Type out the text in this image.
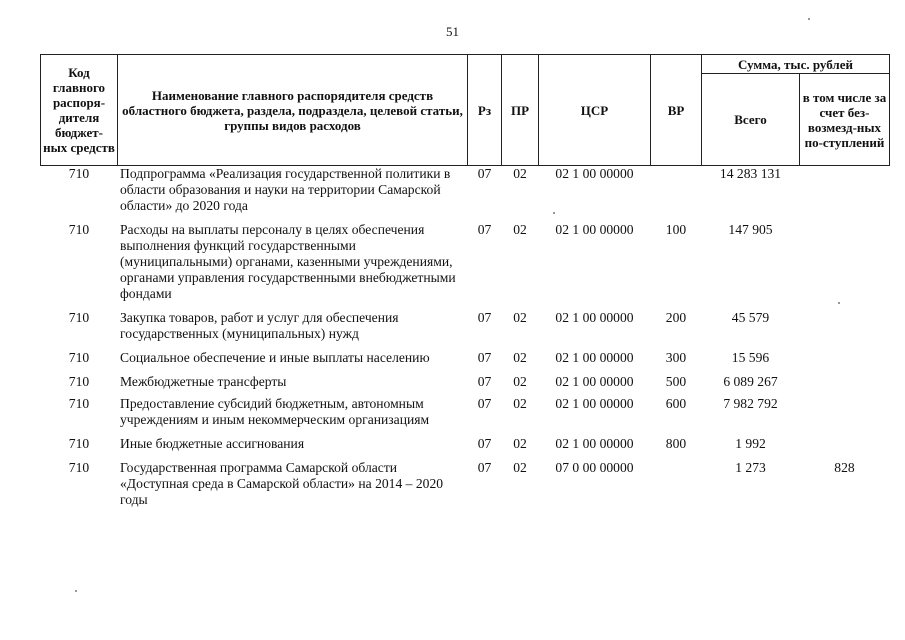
51
Код главного распоря-дителя бюджет-ных средств	Наименование главного распорядителя средств областного бюджета, раздела, подраздела, целевой статьи, группы видов расходов	Рз	ПР	ЦСР	ВР	Сумма, тыс. рублей	
						Всего	в том числе за счет без-возмезд-ных по-ступлений
710	Подпрограмма «Реализация государственной политики в области образования и науки на территории Самарской области» до 2020 года	07	02	02 1 00 00000		14 283 131	
710	Расходы на выплаты персоналу в целях обеспечения выполнения функций государственными (муниципальными) органами, казенными учреждениями, органами управления государственными внебюджетными фондами	07	02	02 1 00 00000	100	147 905	
710	Закупка товаров, работ и услуг для обеспечения государственных (муниципальных) нужд	07	02	02 1 00 00000	200	45 579	
710	Социальное обеспечение и иные выплаты населению	07	02	02 1 00 00000	300	15 596	
710	Межбюджетные трансферты	07	02	02 1 00 00000	500	6 089 267	
710	Предоставление субсидий бюджетным, автономным учреждениям и иным некоммерческим организациям	07	02	02 1 00 00000	600	7 982 792	
710	Иные бюджетные ассигнования	07	02	02 1 00 00000	800	1 992	
710	Государственная программа Самарской области «Доступная среда в Самарской области» на 2014 – 2020 годы	07	02	07 0 00 00000		1 273	828
